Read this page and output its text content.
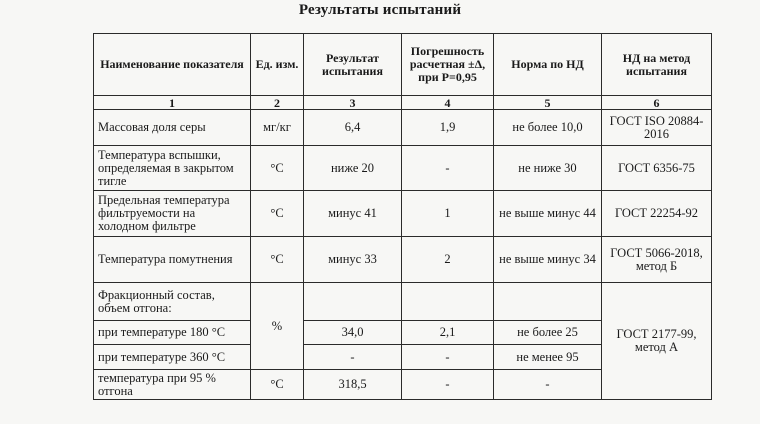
Результаты испытаний
Наименование показателя	Ед. изм.	Результат испытания	Погрешность расчетная ±Δ, при P=0,95	Норма по НД	НД на метод испытания
1	2	3	4	5	6
Массовая доля серы	мг/кг	6,4	1,9	не более 10,0	ГОСТ ISO 20884-2016
Температура вспышки, определяемая в закрытом тигле	°С	ниже 20	-	не ниже 30	ГОСТ 6356-75
Предельная температура фильтруемости на холодном фильтре	°С	минус 41	1	не выше минус 44	ГОСТ 22254-92
Температура помутнения	°С	минус 33	2	не выше минус 34	ГОСТ 5066-2018, метод Б
Фракционный состав, объем отгона:	%				ГОСТ 2177-99, метод А
при температуре 180 °С		34,0	2,1	не более 25	
при температуре 360 °С		-	-	не менее 95	
температура при 95 % отгона	°С	318,5	-	-	
